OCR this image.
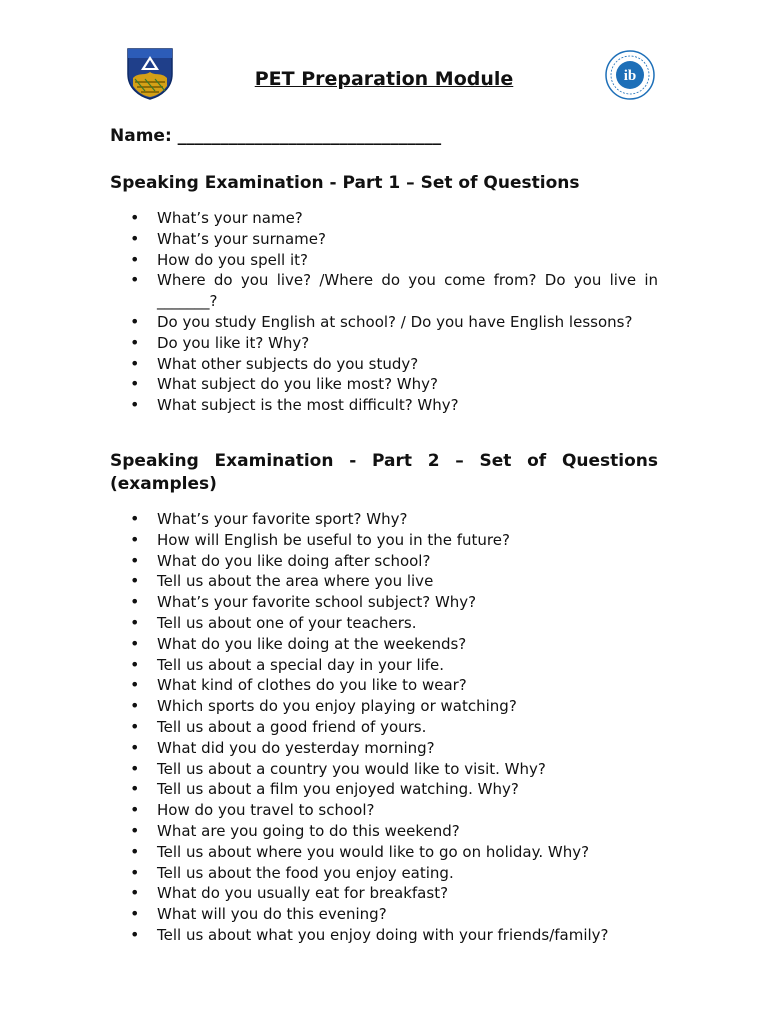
ib
PET Preparation Module
Name: _______________________________
Speaking Examination - Part 1 – Set of Questions
• What’s your name?
• What’s your surname?
• How do you spell it?
• Where do you live? /Where do you come from? Do you live in _______?
• Do you study English at school? / Do you have English lessons?
• Do you like it? Why?
• What other subjects do you study?
• What subject do you like most? Why?
• What subject is the most difficult? Why?
Speaking Examination - Part 2 – Set of Questions (examples)
• What’s your favorite sport? Why?
• How will English be useful to you in the future?
• What do you like doing after school?
• Tell us about the area where you live
• What’s your favorite school subject? Why?
• Tell us about one of your teachers.
• What do you like doing at the weekends?
• Tell us about a special day in your life.
• What kind of clothes do you like to wear?
• Which sports do you enjoy playing or watching?
• Tell us about a good friend of yours.
• What did you do yesterday morning?
• Tell us about a country you would like to visit. Why?
• Tell us about a film you enjoyed watching. Why?
• How do you travel to school?
• What are you going to do this weekend?
• Tell us about where you would like to go on holiday. Why?
• Tell us about the food you enjoy eating.
• What do you usually eat for breakfast?
• What will you do this evening?
• Tell us about what you enjoy doing with your friends/family?
